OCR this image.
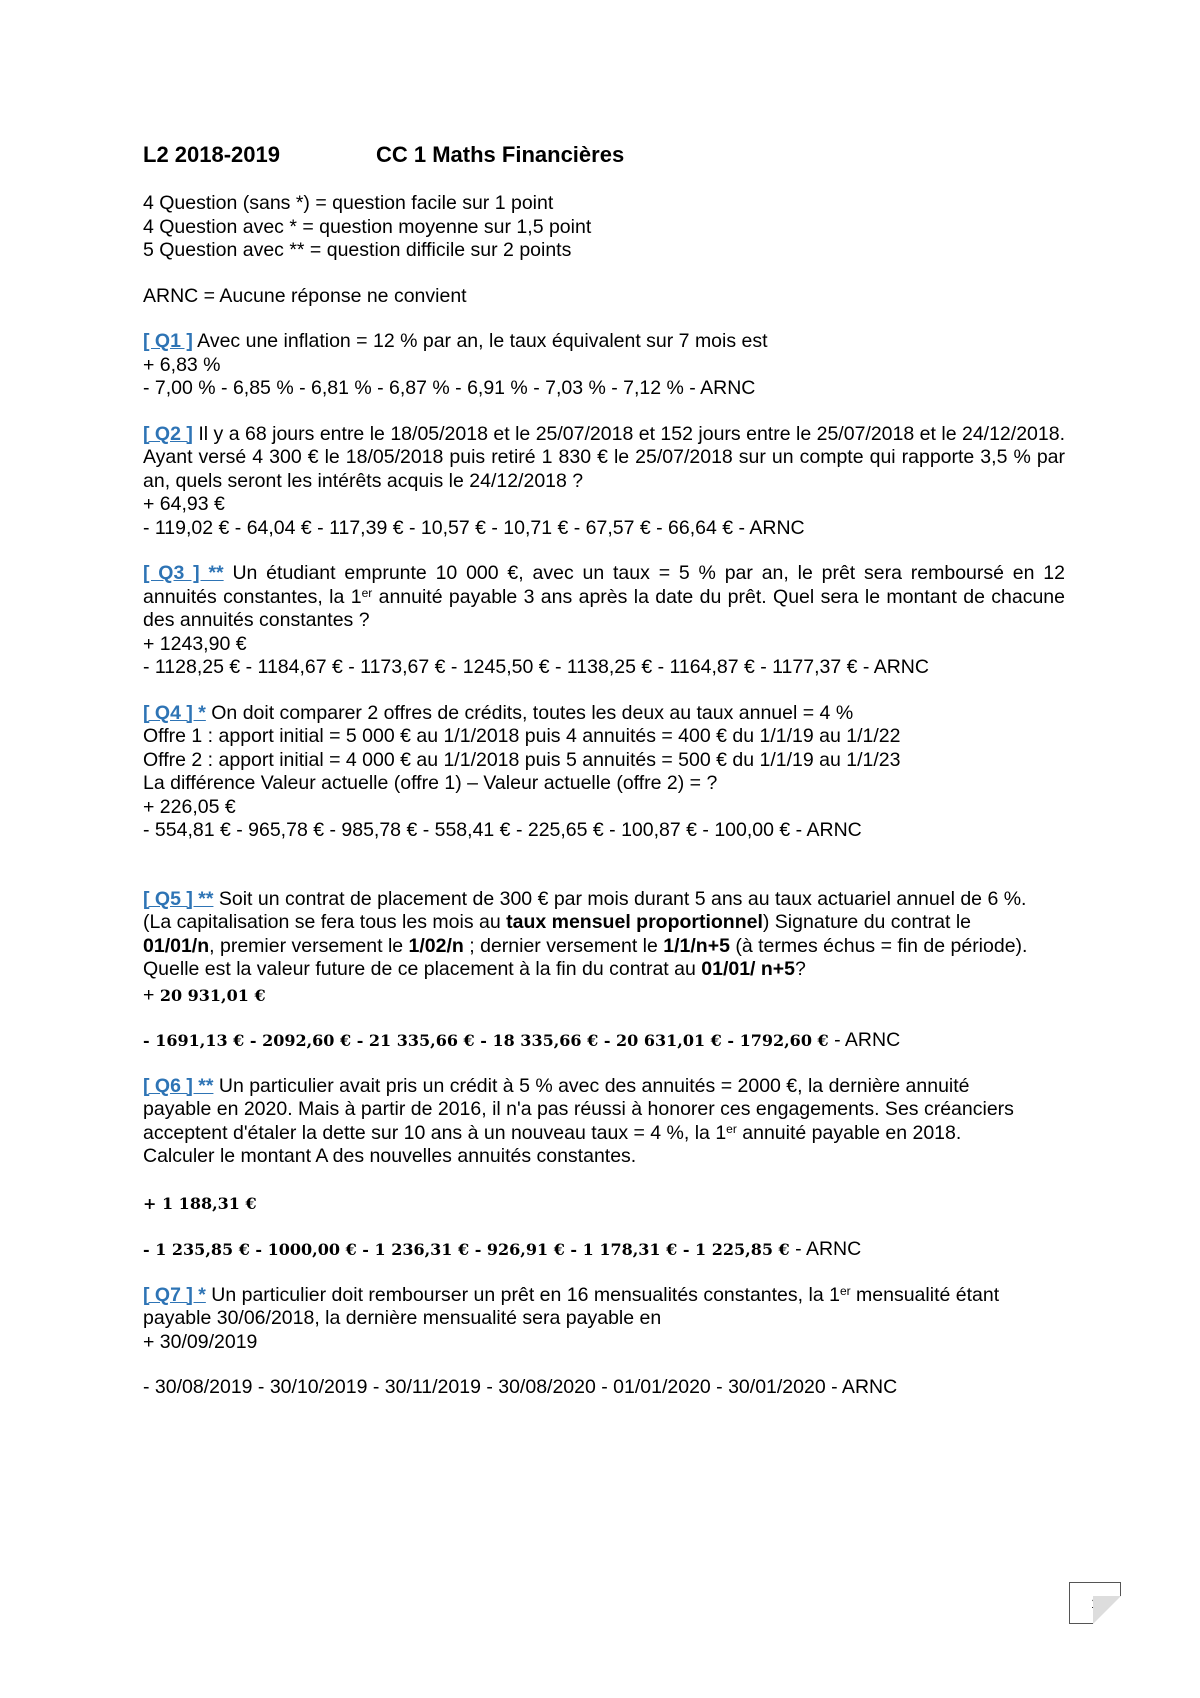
L2 2018-2019	CC 1 Maths Financières

4 Question (sans *) = question facile sur 1 point

4 Question avec * = question moyenne sur 1,5 point

5 Question avec ** = question difficile sur 2 points

ARNC = Aucune réponse ne convient

[ Q1 ] Avec une inflation = 12 % par an, le taux équivalent sur 7 mois est

+ 6,83 %

- 7,00 % - 6,85 % - 6,81 % - 6,87 % - 6,91 % - 7,03 % - 7,12 % - ARNC

[ Q2 ] Il y a 68 jours entre le 18/05/2018 et le 25/07/2018 et 152 jours entre le 25/07/2018 et le 24/12/2018. Ayant versé 4 300 € le 18/05/2018 puis retiré 1 830 € le 25/07/2018 sur un compte qui rapporte 3,5 % par an, quels seront les intérêts acquis le 24/12/2018 ?

+ 64,93 €

- 119,02 € - 64,04 € - 117,39 € - 10,57 € - 10,71 € - 67,57 € - 66,64 € - ARNC

[ Q3 ] ** Un étudiant emprunte 10 000 €, avec un taux = 5 % par an, le prêt sera remboursé en 12 annuités constantes, la 1er annuité payable 3 ans après la date du prêt. Quel sera le montant de chacune des annuités constantes ?

+ 1243,90 €

- 1128,25 € - 1184,67 € - 1173,67 € - 1245,50 € - 1138,25 € - 1164,87 € - 1177,37 € - ARNC

[ Q4 ] * On doit comparer 2 offres de crédits, toutes les deux au taux annuel = 4 %

Offre 1 : apport initial = 5 000 € au 1/1/2018 puis 4 annuités = 400 € du 1/1/19 au 1/1/22

Offre 2 : apport initial = 4 000 € au 1/1/2018 puis 5 annuités = 500 € du 1/1/19 au 1/1/23

La différence Valeur actuelle (offre 1) – Valeur actuelle (offre 2) = ?

+ 226,05 €

- 554,81 € - 965,78 € - 985,78 € - 558,41 € - 225,65 € - 100,87 € - 100,00 € - ARNC

[ Q5 ] ** Soit un contrat de placement de 300 € par mois durant 5 ans au taux actuariel annuel de 6 %.

(La capitalisation se fera tous les mois au taux mensuel proportionnel) Signature du contrat le

01/01/n, premier versement le 1/02/n ; dernier versement le 1/1/n+5 (à termes échus = fin de période).

Quelle est la valeur future de ce placement à la fin du contrat au 01/01/ n+5?

+ 20 931,01 €

- 1691,13 € - 2092,60 € - 21 335,66 € - 18 335,66 € - 20 631,01 € - 1792,60 € - ARNC

[ Q6 ] ** Un particulier avait pris un crédit à 5 % avec des annuités = 2000 €, la dernière annuité

payable en 2020. Mais à partir de 2016, il n'a pas réussi à honorer ces engagements. Ses créanciers

acceptent d'étaler la dette sur 10 ans à un nouveau taux = 4 %, la 1er annuité payable en 2018.

Calculer le montant A des nouvelles annuités constantes.

+ 1 188,31 €

- 1 235,85 € - 1000,00 € - 1 236,31 € - 926,91 € - 1 178,31 € - 1 225,85 € - ARNC

[ Q7 ] * Un particulier doit rembourser un prêt en 16 mensualités constantes, la 1er mensualité étant

payable 30/06/2018, la dernière mensualité sera payable en

+ 30/09/2019

- 30/08/2019 - 30/10/2019 - 30/11/2019 - 30/08/2020 - 01/01/2020 - 30/01/2020 - ARNC

1
